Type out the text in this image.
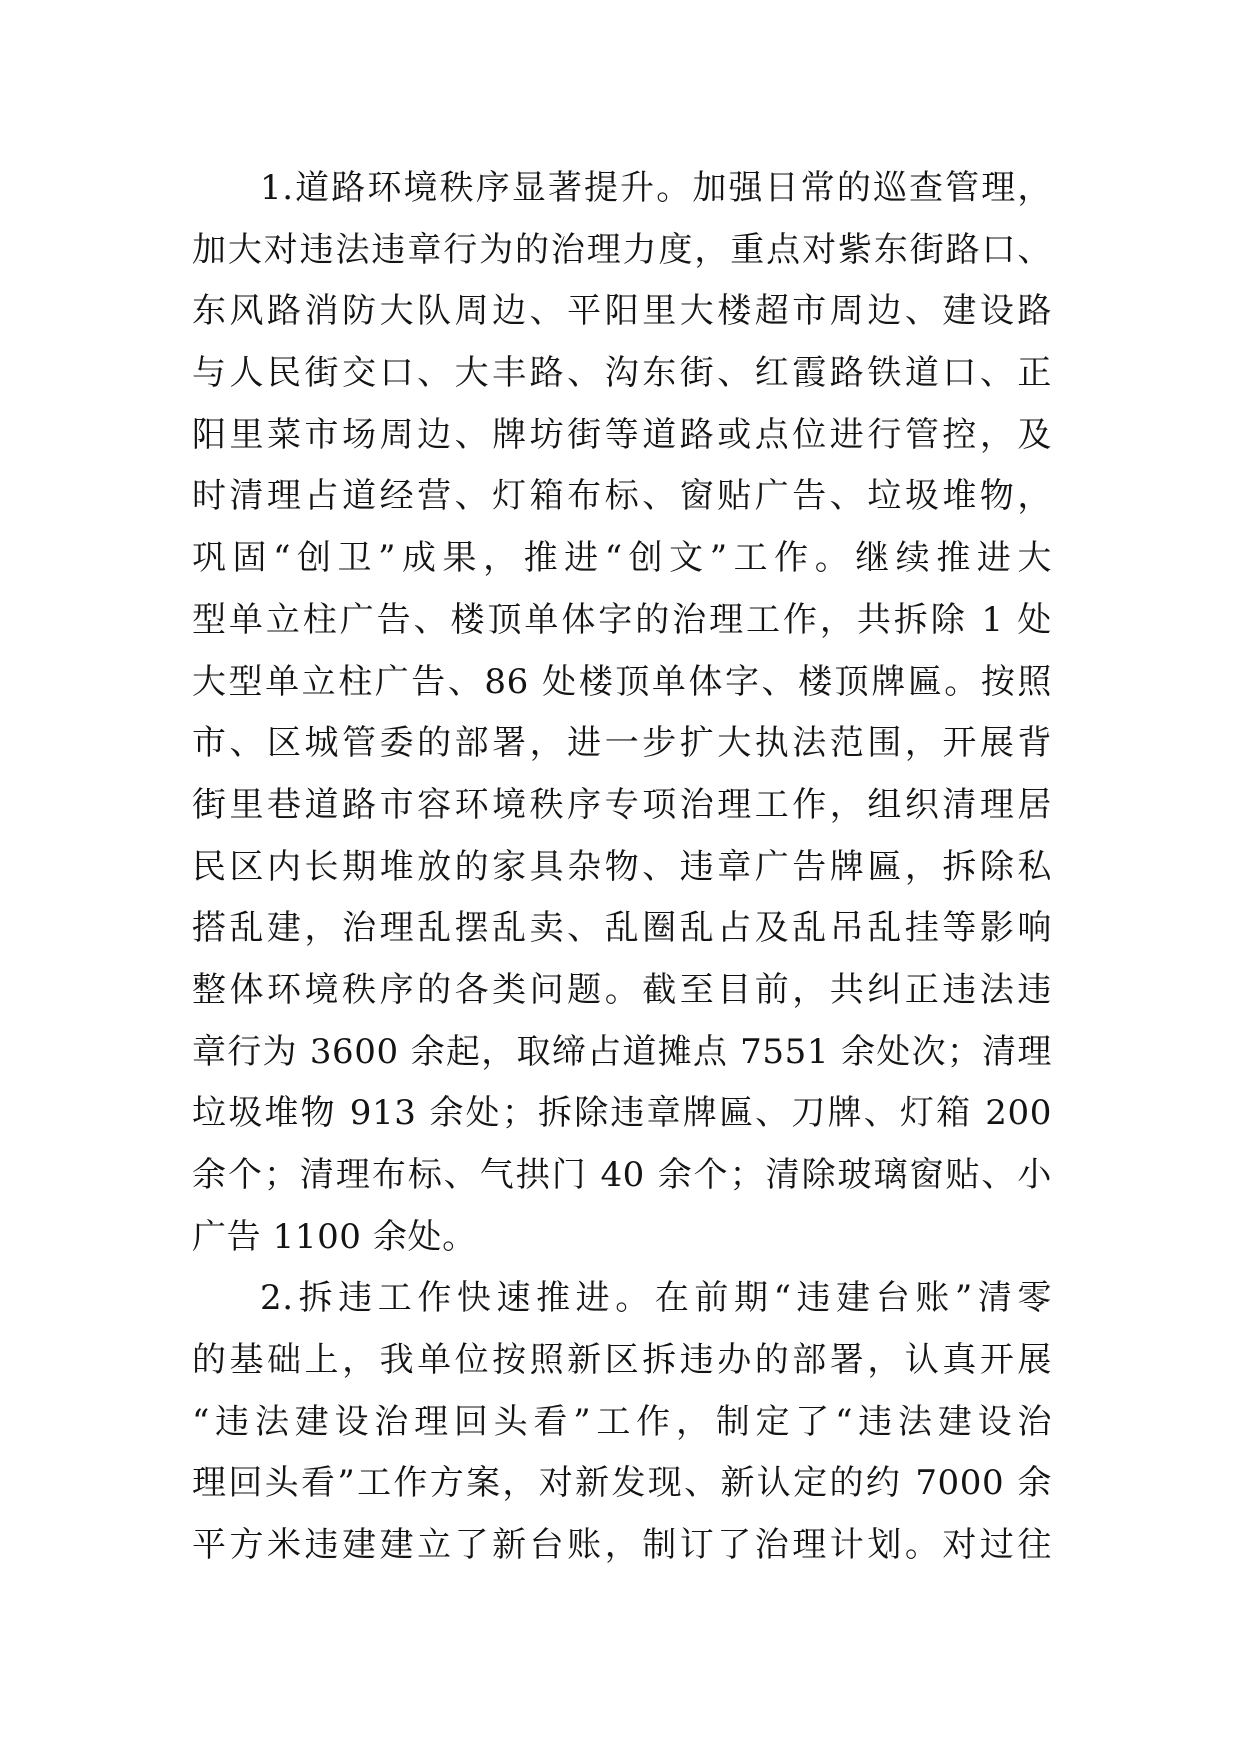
1.道路环境秩序显著提升。加强日常的巡查管理，
加大对违法违章行为的治理力度，重点对紫东街路口、
东风路消防大队周边、平阳里大楼超市周边、建设路
与人民街交口、大丰路、沟东街、红霞路铁道口、正
阳里菜市场周边、牌坊街等道路或点位进行管控，及
时清理占道经营、灯箱布标、窗贴广告、垃圾堆物，
巩固“创卫”成果，推进“创文”工作。继续推进大
型单立柱广告、楼顶单体字的治理工作，共拆除 1 处
大型单立柱广告、86 处楼顶单体字、楼顶牌匾。按照
市、区城管委的部署，进一步扩大执法范围，开展背
街里巷道路市容环境秩序专项治理工作，组织清理居
民区内长期堆放的家具杂物、违章广告牌匾，拆除私
搭乱建，治理乱摆乱卖、乱圈乱占及乱吊乱挂等影响
整体环境秩序的各类问题。截至目前，共纠正违法违
章行为 3600 余起，取缔占道摊点 7551 余处次；清理
垃圾堆物 913 余处；拆除违章牌匾、刀牌、灯箱 200
余个；清理布标、气拱门 40 余个；清除玻璃窗贴、小
广告 1100 余处。
2.拆违工作快速推进。在前期“违建台账”清零
的基础上，我单位按照新区拆违办的部署，认真开展
“违法建设治理回头看”工作，制定了“违法建设治
理回头看”工作方案，对新发现、新认定的约 7000 余
平方米违建建立了新台账，制订了治理计划。对过往
